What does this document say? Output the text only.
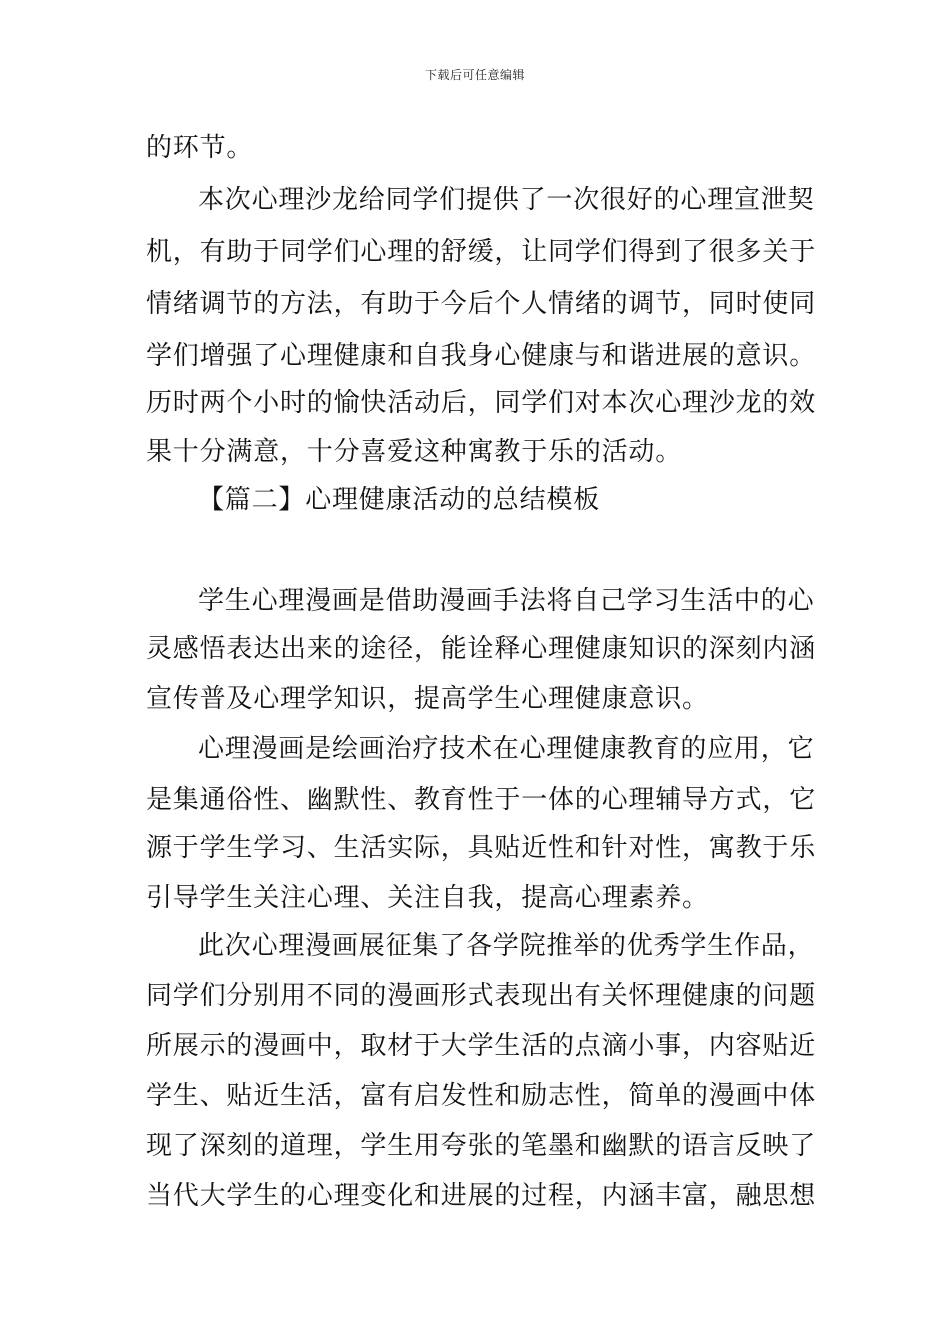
下载后可任意编辑
的环节。
本次心理沙龙给同学们提供了一次很好的心理宣泄契
机，有助于同学们心理的舒缓，让同学们得到了很多关于
情绪调节的方法，有助于今后个人情绪的调节，同时使同
学们增强了心理健康和自我身心健康与和谐进展的意识。
历时两个小时的愉快活动后，同学们对本次心理沙龙的效
果十分满意，十分喜爱这种寓教于乐的活动。
【篇二】心理健康活动的总结模板
学生心理漫画是借助漫画手法将自己学习生活中的心
灵感悟表达出来的途径，能诠释心理健康知识的深刻内涵
宣传普及心理学知识，提高学生心理健康意识。
心理漫画是绘画治疗技术在心理健康教育的应用，它
是集通俗性、幽默性、教育性于一体的心理辅导方式，它
源于学生学习、生活实际，具贴近性和针对性，寓教于乐
引导学生关注心理、关注自我，提高心理素养。
此次心理漫画展征集了各学院推举的优秀学生作品，
同学们分别用不同的漫画形式表现出有关怀理健康的问题
所展示的漫画中，取材于大学生活的点滴小事，内容贴近
学生、贴近生活，富有启发性和励志性，简单的漫画中体
现了深刻的道理，学生用夸张的笔墨和幽默的语言反映了
当代大学生的心理变化和进展的过程，内涵丰富，融思想
